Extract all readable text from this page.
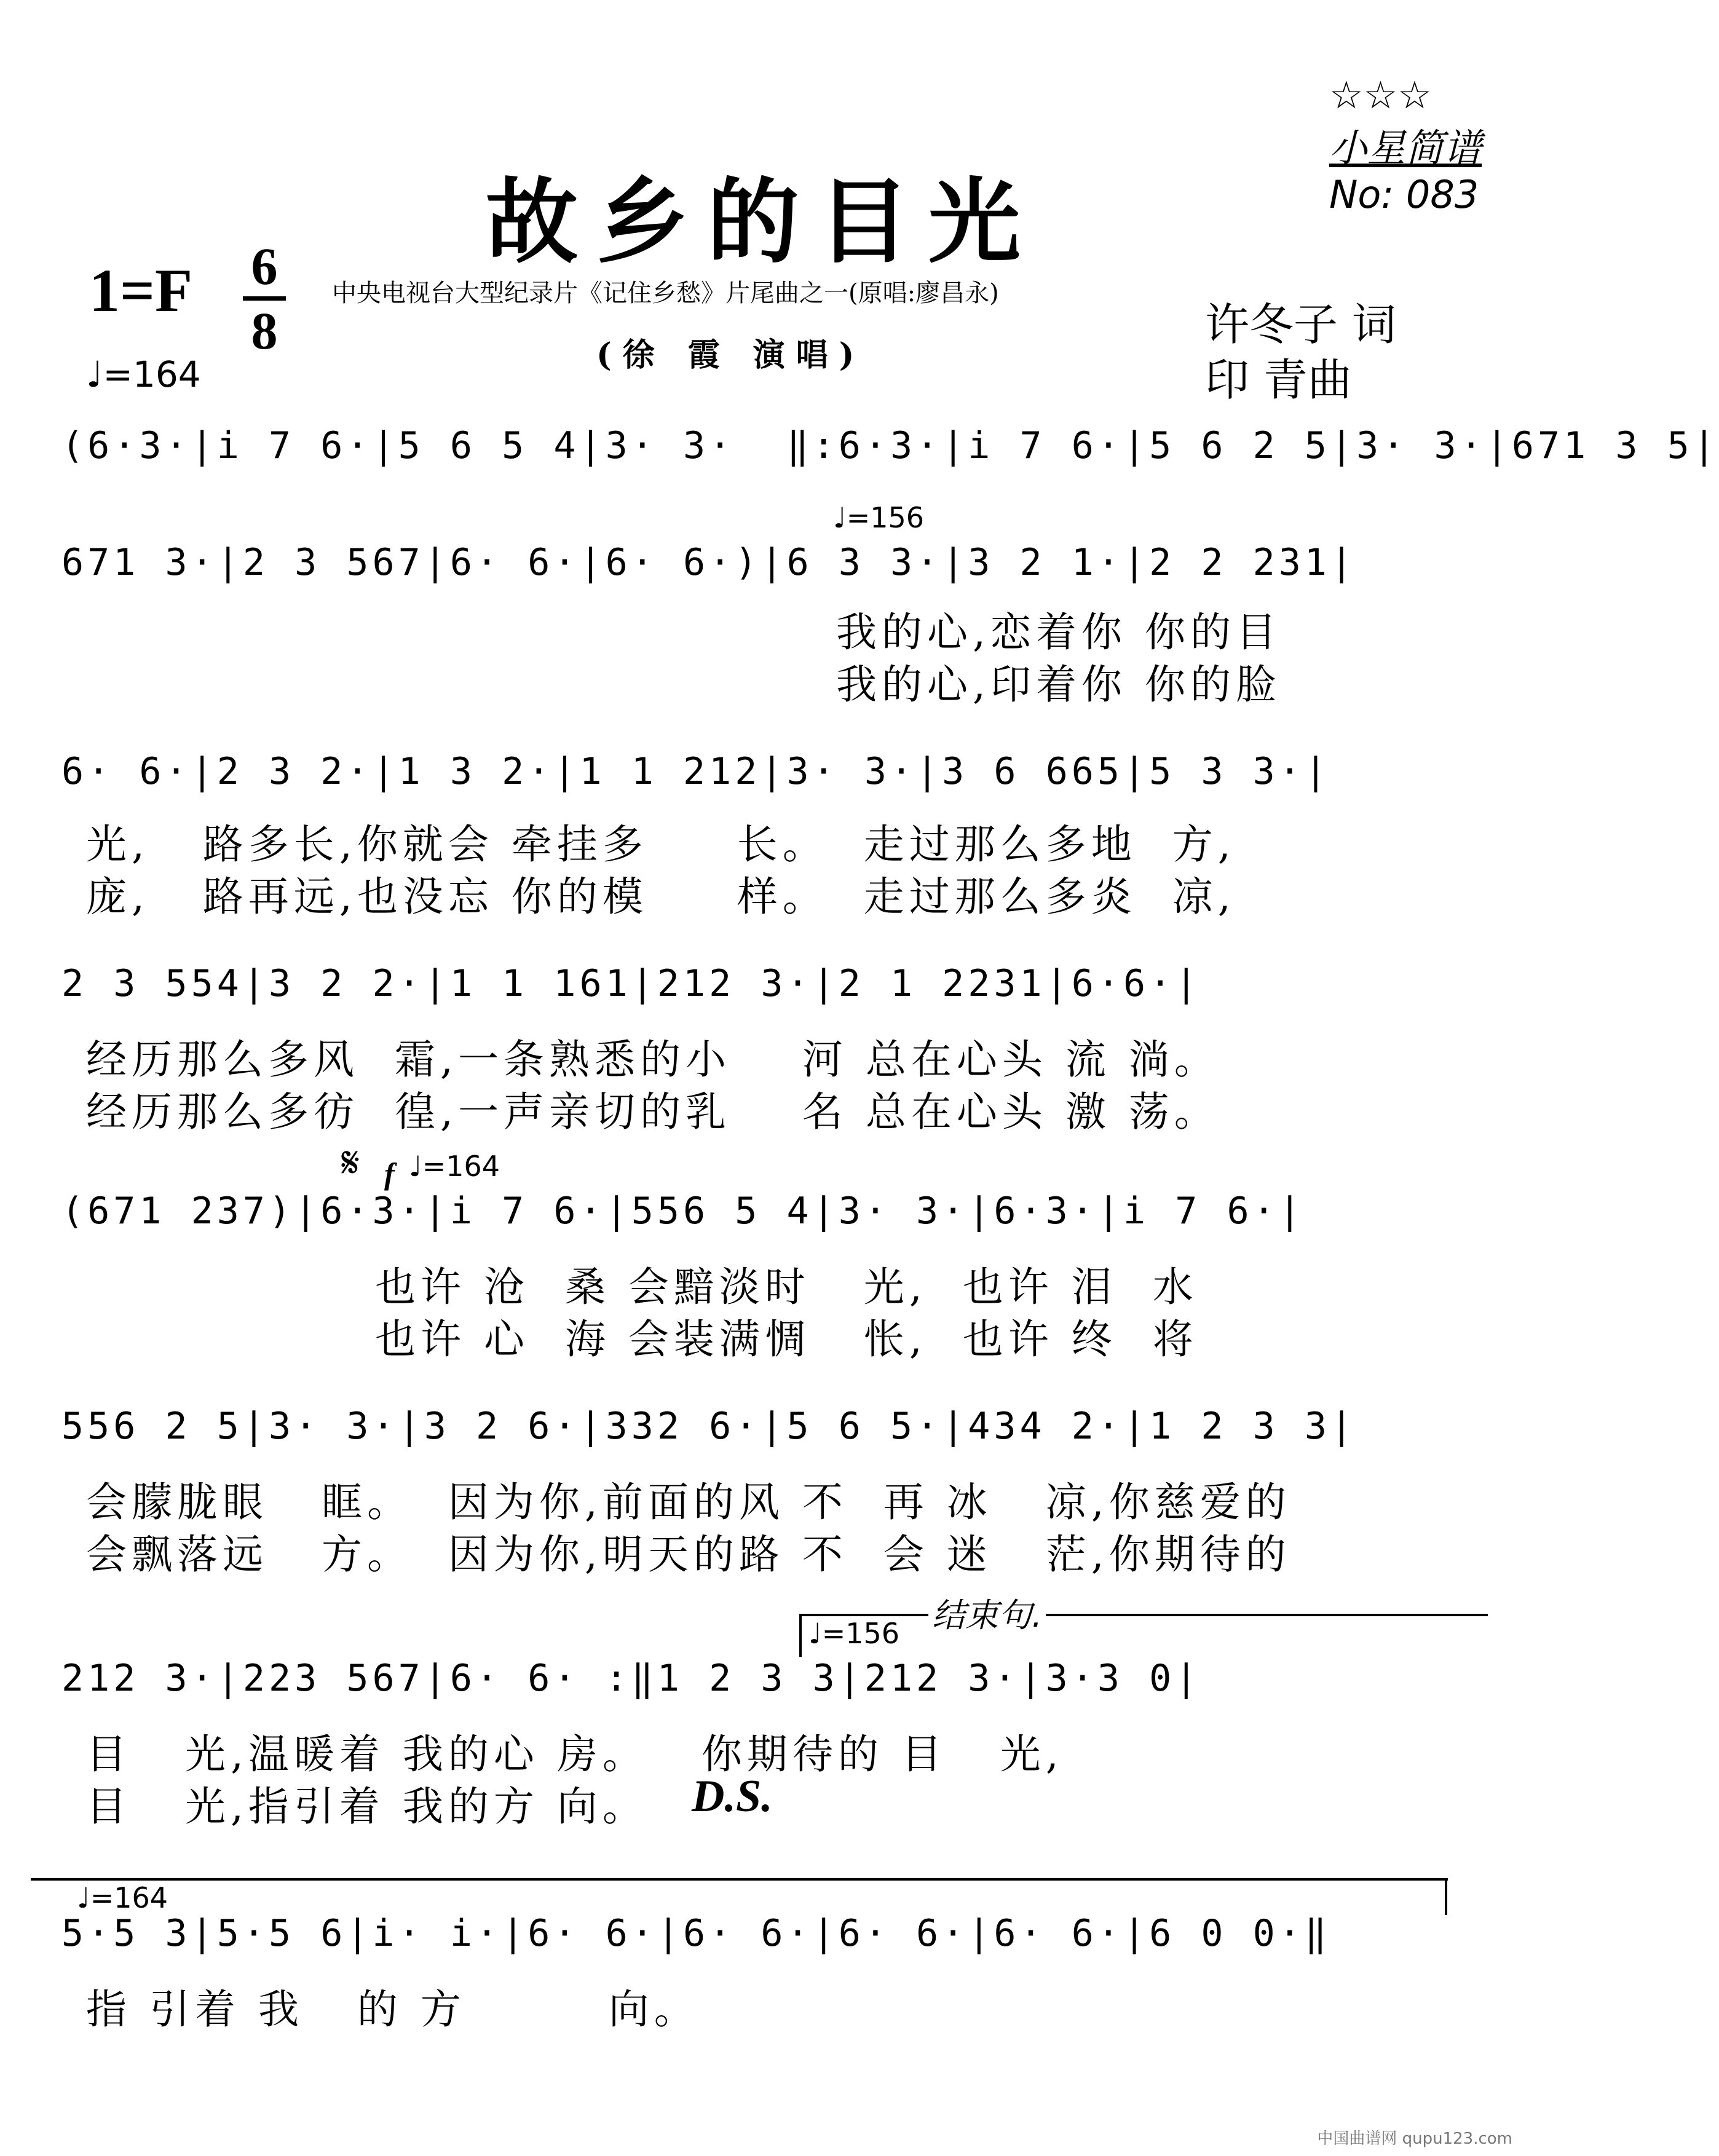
☆☆☆
小星简谱
No: 083

故乡的目光
1=F 6
8
中央电视台大型纪录片《记住乡愁》片尾曲之一(原唱:廖昌永)
(徐 霞 演唱)
许冬子 词
印 青曲
♩=164
(6·3·|i 7 6·|5 6 5 4|3· 3·  ‖:6·3·|i 7 6·|5 6 2 5|3· 3·|671 3 5|
♩=156
671 3·|2 3 567|6· 6·|6· 6·)|6 3 3·|3 2 1·|2 2 231|
我的心,恋着你 你的目
我的心,印着你 你的脸
6· 6·|2 3 2·|1 3 2·|1 1 212|3· 3·|3 6 665|5 3 3·|
光,   路多长,你就会 牵挂多     长。  走过那么多地  方,
庞,   路再远,也没忘 你的模     样。  走过那么多炎  凉,
2 3 554|3 2 2·|1 1 161|212 3·|2 1 2231|6·6·|
经历那么多风  霜,一条熟悉的小    河 总在心头 流 淌。
经历那么多彷  徨,一声亲切的乳    名 总在心头 激 荡。
𝄋 f ♩=164
(671 237)|6·3·|i 7 6·|556 5 4|3· 3·|6·3·|i 7 6·|
也许 沧  桑 会黯淡时   光,  也许 泪  水
也许 心  海 会装满惆   怅,  也许 终  将
556 2 5|3· 3·|3 2 6·|332 6·|5 6 5·|434 2·|1 2 3 3|
会朦胧眼   眶。  因为你,前面的风 不  再 冰   凉,你慈爱的
会飘落远   方。  因为你,明天的路 不  会 迷   茫,你期待的
结束句.
♩=156
212 3·|223 567|6· 6· :‖1 2 3 3|212 3·|3·3 0|
目   光,温暖着 我的心 房。   你期待的 目   光,
目   光,指引着 我的方 向。 D.S.
♩=164
5·5 3|5·5 6|i· i·|6· 6·|6· 6·|6· 6·|6· 6·|6 0 0·‖
指 引着 我   的 方        向。
中国曲谱网 qupu123.com
